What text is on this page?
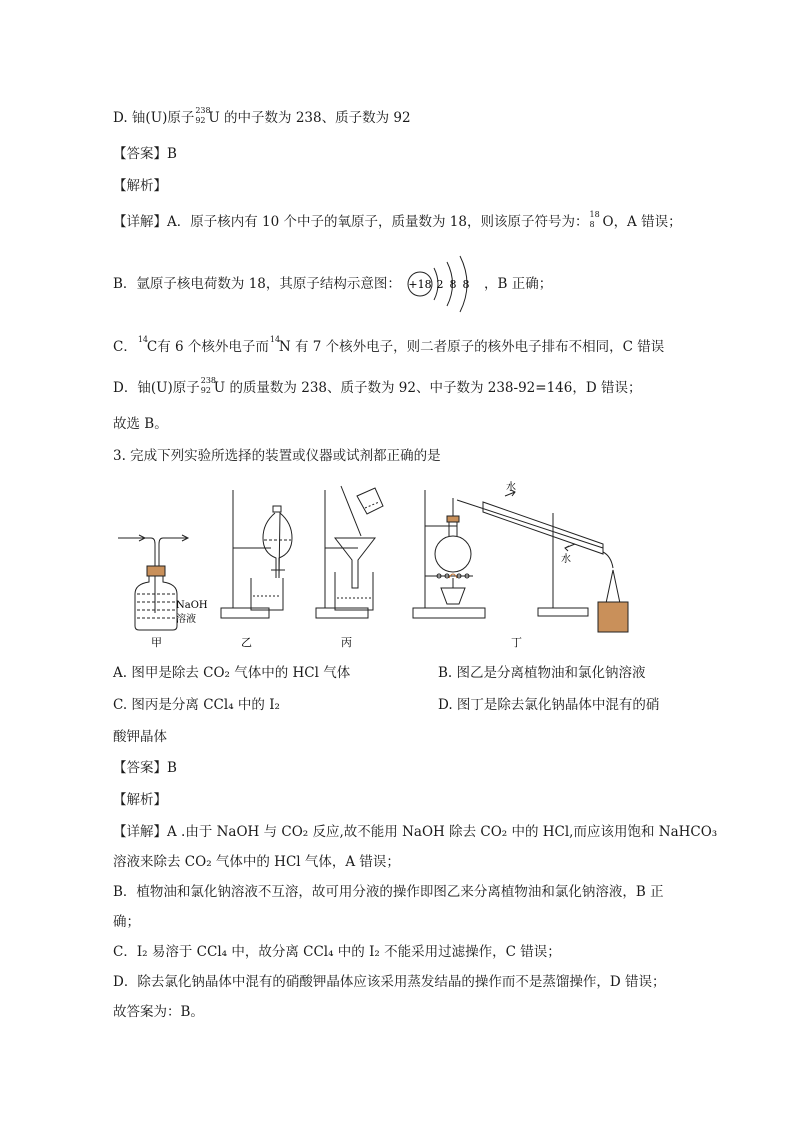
D. 铀(U)原子 238
92 U 的中子数为 238、质子数为 92
【答案】B
【解析】
【详解】A．原子核内有 10 个中子的氧原子，质量数为 18，则该原子符号为： 18
8 O，A 错误；
B．氩原子核电荷数为 18，其原子结构示意图： +18 2 8 8 ，B 正确；
C． 14
C有 6 个核外电子而 14
N 有 7 个核外电子，则二者原子的核外电子排布不相同，C 错误
D．铀(U)原子 238
92 U 的质量数为 238、质子数为 92、中子数为 238-92=146，D 错误；
故选 B。
3. 完成下列实验所选择的装置或仪器或试剂都正确的是
NaOH
溶液
水
水
甲	乙	丙	丁
A. 图甲是除去 CO₂ 气体中的 HCl 气体	B. 图乙是分离植物油和氯化钠溶液
C. 图丙是分离 CCl₄ 中的 I₂	D. 图丁是除去氯化钠晶体中混有的硝
酸钾晶体
【答案】B
【解析】
【详解】A .由于 NaOH 与 CO₂ 反应,故不能用 NaOH 除去 CO₂ 中的 HCl,而应该用饱和 NaHCO₃
溶液来除去 CO₂ 气体中的 HCl 气体，A 错误；
B．植物油和氯化钠溶液不互溶，故可用分液的操作即图乙来分离植物油和氯化钠溶液，B 正
确；
C．I₂ 易溶于 CCl₄ 中，故分离 CCl₄ 中的 I₂ 不能采用过滤操作，C 错误；
D．除去氯化钠晶体中混有的硝酸钾晶体应该采用蒸发结晶的操作而不是蒸馏操作，D 错误；
故答案为：B。
